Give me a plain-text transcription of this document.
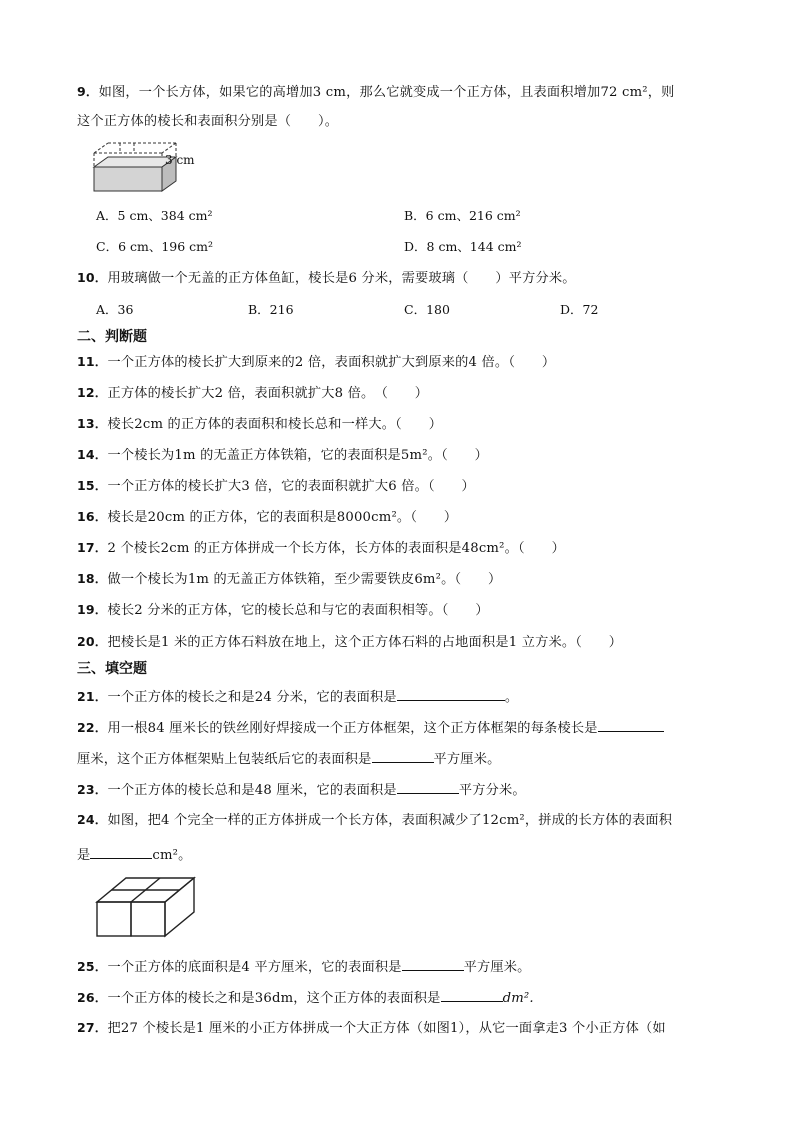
9．如图，一个长方体，如果它的高增加3 cm，那么它就变成一个正方体，且表面积增加72 cm²，则
这个正方体的棱长和表面积分别是（　　）。
3 cm
A．5 cm、384 cm²	B．6 cm、216 cm²
C．6 cm、196 cm²	D．8 cm、144 cm²
10．用玻璃做一个无盖的正方体鱼缸，棱长是6 分米，需要玻璃（　　）平方分米。
A．36	B．216	C．180	D．72
二、判断题
11．一个正方体的棱长扩大到原来的2 倍，表面积就扩大到原来的4 倍。（　　）
12．正方体的棱长扩大2 倍，表面积就扩大8 倍。　（　　）
13．棱长2cm 的正方体的表面积和棱长总和一样大。（　　）
14．一个棱长为1m 的无盖正方体铁箱，它的表面积是5m²。（　　）
15．一个正方体的棱长扩大3 倍，它的表面积就扩大6 倍。（　　）
16．棱长是20cm 的正方体，它的表面积是8000cm²。（　　）
17．2 个棱长2cm 的正方体拼成一个长方体，长方体的表面积是48cm²。（　　）
18．做一个棱长为1m 的无盖正方体铁箱，至少需要铁皮6m²。（　　）
19．棱长2 分米的正方体，它的棱长总和与它的表面积相等。（　　）
20．把棱长是1 米的正方体石料放在地上，这个正方体石料的占地面积是1 立方米。（　　）
三、填空题
21．一个正方体的棱长之和是24 分米，它的表面积是	。
22．用一根84 厘米长的铁丝刚好焊接成一个正方体框架，这个正方体框架的每条棱长是
厘米，这个正方体框架贴上包装纸后它的表面积是	平方厘米。
23．一个正方体的棱长总和是48 厘米，它的表面积是	平方分米。
24．如图，把4 个完全一样的正方体拼成一个长方体，表面积减少了12cm²，拼成的长方体的表面积
是	cm²。
25．一个正方体的底面积是4 平方厘米，它的表面积是	平方厘米。
26．一个正方体的棱长之和是36dm，这个正方体的表面积是	dm².
27．把27 个棱长是1 厘米的小正方体拼成一个大正方体（如图1），从它一面拿走3 个小正方体（如
